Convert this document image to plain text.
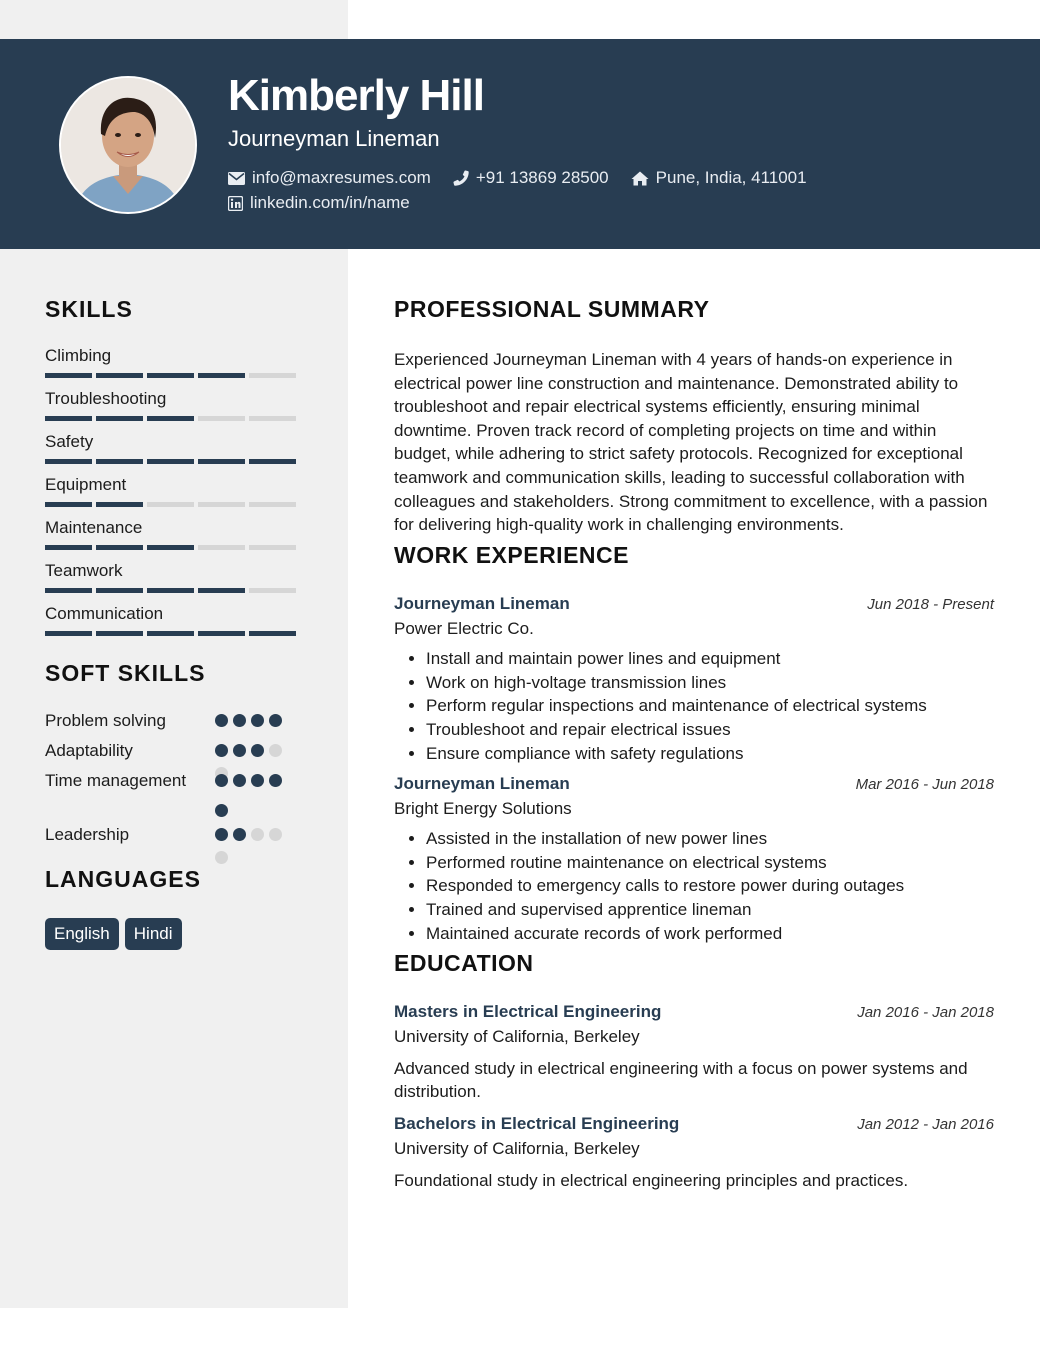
Kimberly Hill
Journeyman Lineman
info@maxresumes.com	+91 13869 28500	Pune, India, 411001
linkedin.com/in/name
SKILLS
Climbing
Troubleshooting
Safety
Equipment
Maintenance
Teamwork
Communication
SOFT SKILLS
Problem solving
Adaptability
Time management
Leadership
LANGUAGES
English	Hindi
PROFESSIONAL SUMMARY

Experienced Journeyman Lineman with 4 years of hands-on experience in electrical power line construction and maintenance. Demonstrated ability to troubleshoot and repair electrical systems efficiently, ensuring minimal downtime. Proven track record of completing projects on time and within budget, while adhering to strict safety protocols. Recognized for exceptional teamwork and communication skills, leading to successful collaboration with colleagues and stakeholders. Strong commitment to excellence, with a passion for delivering high-quality work in challenging environments.

WORK EXPERIENCE
Journeyman Lineman	Jun 2018 - Present
Power Electric Co.
• Install and maintain power lines and equipment
• Work on high-voltage transmission lines
• Perform regular inspections and maintenance of electrical systems
• Troubleshoot and repair electrical issues
• Ensure compliance with safety regulations
Journeyman Lineman	Mar 2016 - Jun 2018
Bright Energy Solutions
• Assisted in the installation of new power lines
• Performed routine maintenance on electrical systems
• Responded to emergency calls to restore power during outages
• Trained and supervised apprentice lineman
• Maintained accurate records of work performed
EDUCATION
Masters in Electrical Engineering	Jan 2016 - Jan 2018
University of California, Berkeley
Advanced study in electrical engineering with a focus on power systems and distribution.
Bachelors in Electrical Engineering	Jan 2012 - Jan 2016
University of California, Berkeley
Foundational study in electrical engineering principles and practices.
